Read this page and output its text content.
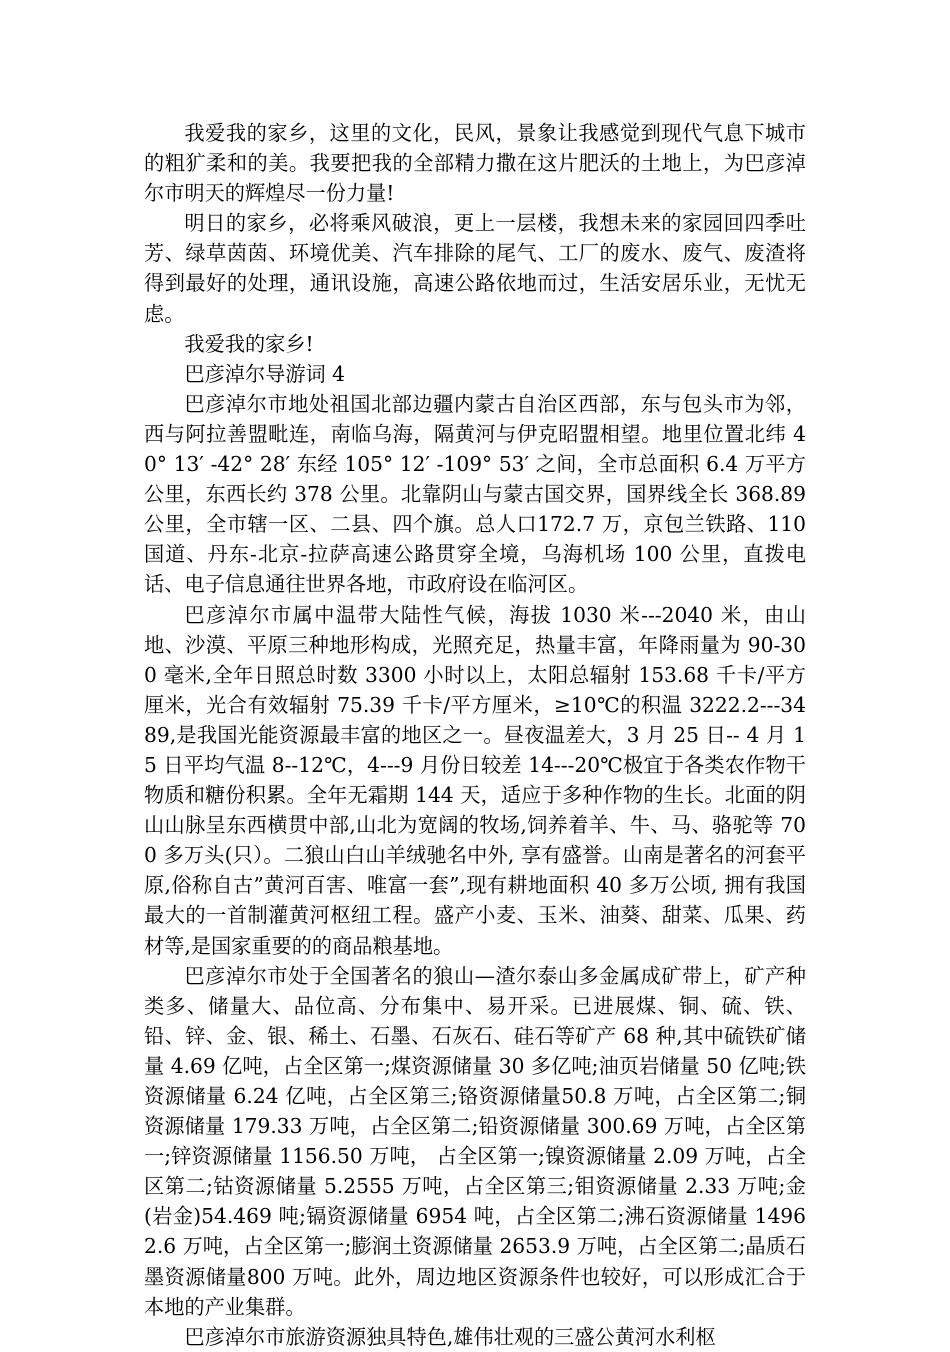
我爱我的家乡，这里的文化，民风，景象让我感觉到现代气息下城市的粗犷柔和的美。我要把我的全部精力撒在这片肥沃的土地上，为巴彦淖尔市明天的辉煌尽一份力量!

明日的家乡，必将乘风破浪，更上一层楼，我想未来的家园回四季吐芳、绿草茵茵、环境优美、汽车排除的尾气、工厂的废水、废气、废渣将得到最好的处理，通讯设施，高速公路依地而过，生活安居乐业，无忧无虑。

我爱我的家乡!

巴彦淖尔导游词 4

巴彦淖尔市地处祖国北部边疆内蒙古自治区西部，东与包头市为邻，西与阿拉善盟毗连，南临乌海，隔黄河与伊克昭盟相望。地里位置北纬 40° 13′ -42° 28′ 东经 105° 12′ -109° 53′ 之间，全市总面积 6.4 万平方公里，东西长约 378 公里。北靠阴山与蒙古国交界，国界线全长 368.89 公里，全市辖一区、二县、四个旗。总人口172.7 万，京包兰铁路、110 国道、丹东-北京-拉萨高速公路贯穿全境，乌海机场 100 公里，直拨电话、电子信息通往世界各地，市政府设在临河区。

巴彦淖尔市属中温带大陆性气候，海拔 1030 米---2040 米，由山地、沙漠、平原三种地形构成，光照充足，热量丰富，年降雨量为 90-300 毫米,全年日照总时数 3300 小时以上，太阳总辐射 153.68 千卡/平方厘米，光合有效辐射 75.39 千卡/平方厘米，≥10℃的积温 3222.2---3489,是我国光能资源最丰富的地区之一。昼夜温差大，3 月 25 日-- 4 月 15 日平均气温 8--12℃，4---9 月份日较差 14---20℃极宜于各类农作物干物质和糖份积累。全年无霜期 144 天，适应于多种作物的生长。北面的阴山山脉呈东西横贯中部,山北为宽阔的牧场,饲养着羊、牛、马、骆驼等 700 多万头(只）。二狼山白山羊绒驰名中外, 享有盛誉。山南是著名的河套平原,俗称自古”黄河百害、唯富一套”,现有耕地面积 40 多万公顷, 拥有我国最大的一首制灌黄河枢纽工程。盛产小麦、玉米、油葵、甜菜、瓜果、药材等,是国家重要的的商品粮基地。

巴彦淖尔市处于全国著名的狼山—渣尔泰山多金属成矿带上，矿产种类多、储量大、品位高、分布集中、易开采。已进展煤、铜、硫、铁、铅、锌、金、银、稀土、石墨、石灰石、硅石等矿产 68 种,其中硫铁矿储量 4.69 亿吨，占全区第一;煤资源储量 30 多亿吨;油页岩储量 50 亿吨;铁资源储量 6.24 亿吨，占全区第三;铬资源储量50.8 万吨，占全区第二;铜资源储量 179.33 万吨，占全区第二;铅资源储量 300.69 万吨，占全区第一;锌资源储量 1156.50 万吨， 占全区第一;镍资源储量 2.09 万吨，占全区第二;钴资源储量 5.2555 万吨，占全区第三;钼资源储量 2.33 万吨;金(岩金)54.469 吨;镉资源储量 6954 吨，占全区第二;沸石资源储量 14962.6 万吨，占全区第一;膨润土资源储量 2653.9 万吨，占全区第二;晶质石墨资源储量800 万吨。此外，周边地区资源条件也较好，可以形成汇合于本地的产业集群。

巴彦淖尔市旅游资源独具特色,雄伟壮观的三盛公黄河水利枢
